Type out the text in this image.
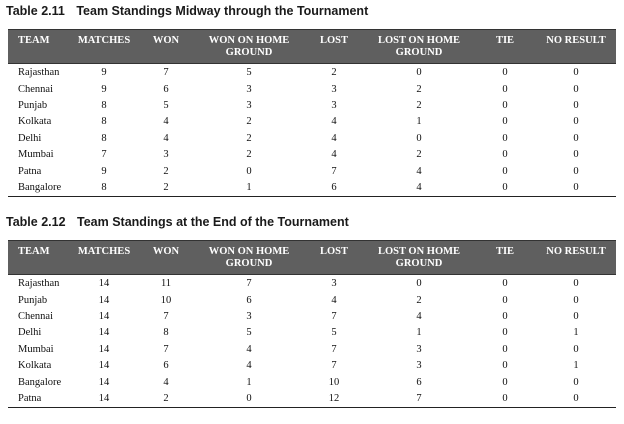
Table 2.11 Team Standings Midway through the Tournament
TEAM	MATCHES	WON	WON ON HOME GROUND	LOST	LOST ON HOME GROUND	TIE	NO RESULT
Rajasthan	9	7	5	2	0	0	0
Chennai	9	6	3	3	2	0	0
Punjab	8	5	3	3	2	0	0
Kolkata	8	4	2	4	1	0	0
Delhi	8	4	2	4	0	0	0
Mumbai	7	3	2	4	2	0	0
Patna	9	2	0	7	4	0	0
Bangalore	8	2	1	6	4	0	0
Table 2.12 Team Standings at the End of the Tournament
TEAM	MATCHES	WON	WON ON HOME GROUND	LOST	LOST ON HOME GROUND	TIE	NO RESULT
Rajasthan	14	11	7	3	0	0	0
Punjab	14	10	6	4	2	0	0
Chennai	14	7	3	7	4	0	0
Delhi	14	8	5	5	1	0	1
Mumbai	14	7	4	7	3	0	0
Kolkata	14	6	4	7	3	0	1
Bangalore	14	4	1	10	6	0	0
Patna	14	2	0	12	7	0	0
